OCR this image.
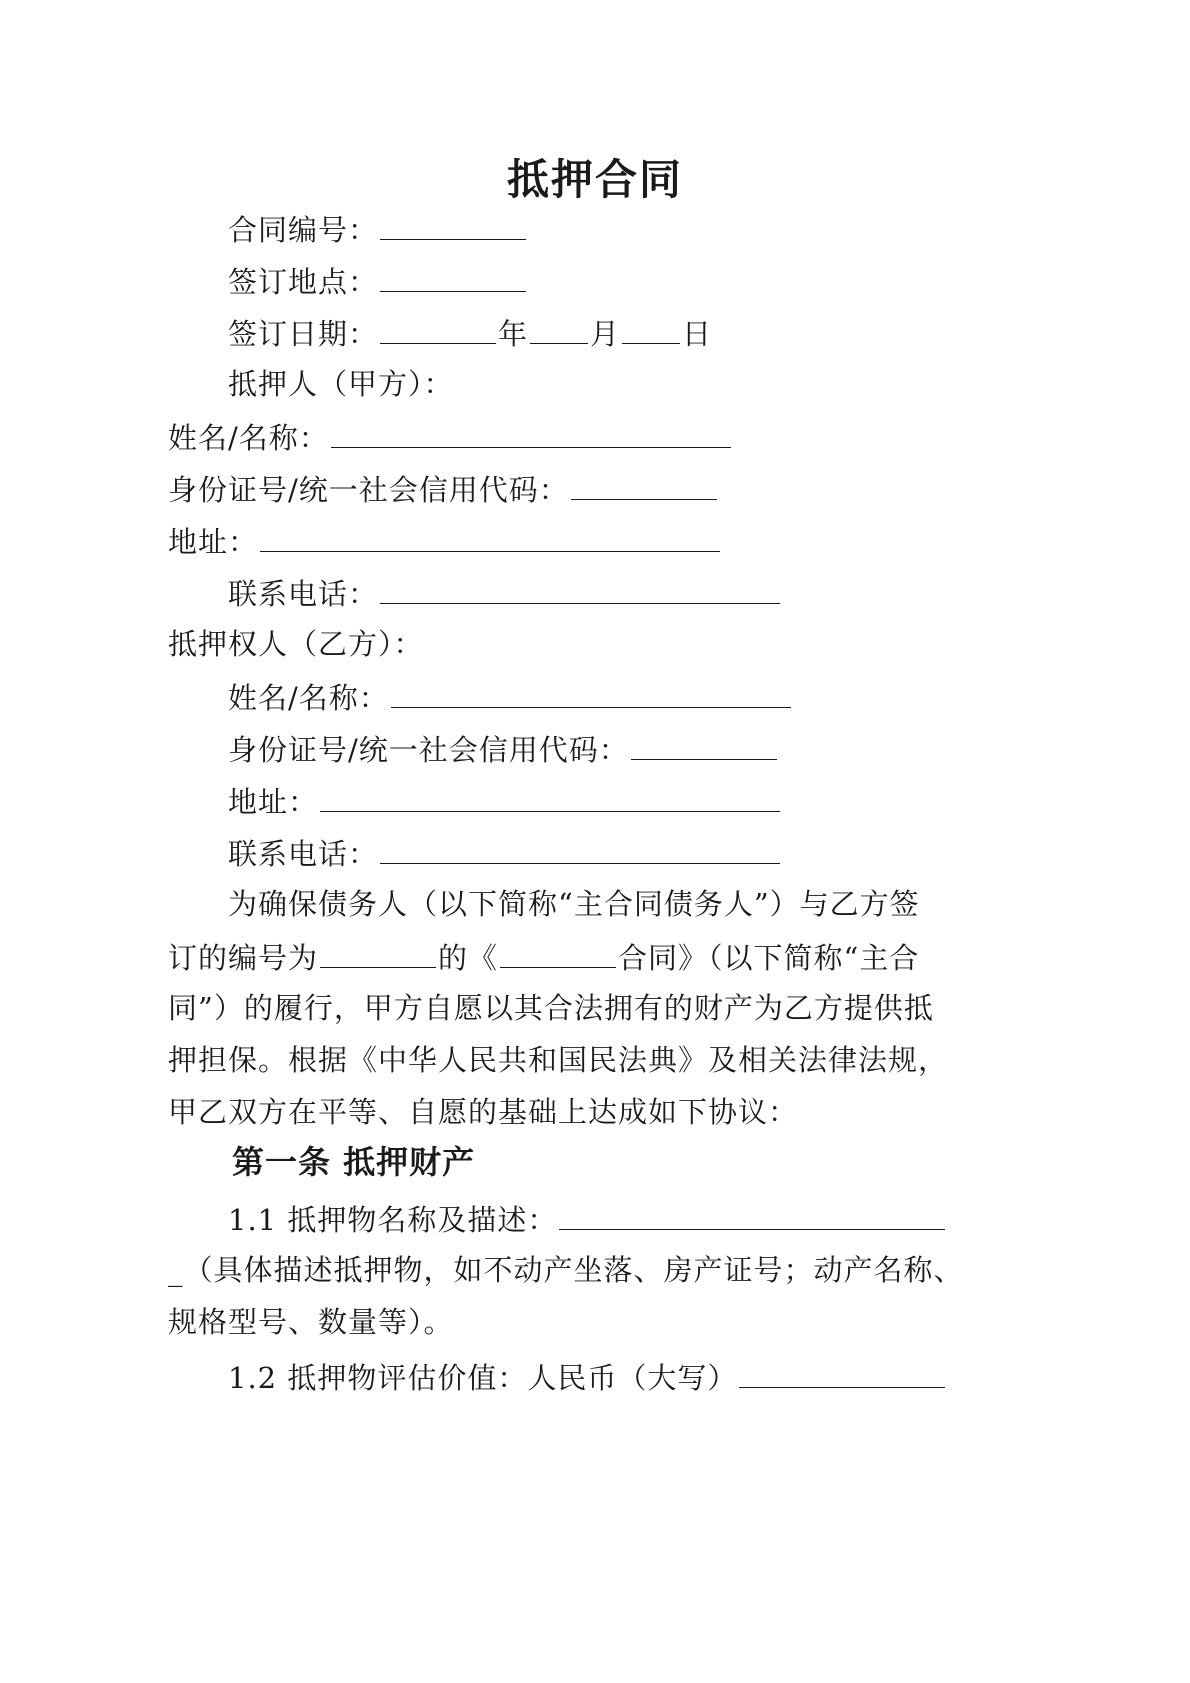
抵押合同
合同编号：
签订地点：
签订日期：	年 月 日
抵押人（甲方）：
姓名/名称：
身份证号/统一社会信用代码：
地址：
联系电话：
抵押权人（乙方）：
姓名/名称：
身份证号/统一社会信用代码：
地址：
联系电话：
为确保债务人（以下简称“主合同债务人”）与乙方签
订的编号为	的《	合同》（以下简称“主合
同”）的履行，甲方自愿以其合法拥有的财产为乙方提供抵
押担保。根据《中华人民共和国民法典》及相关法律法规，
甲乙双方在平等、自愿的基础上达成如下协议：
第一条 抵押财产
1.1 抵押物名称及描述：
_（具体描述抵押物，如不动产坐落、房产证号；动产名称、
规格型号、数量等）。
1.2 抵押物评估价值：人民币（大写）
